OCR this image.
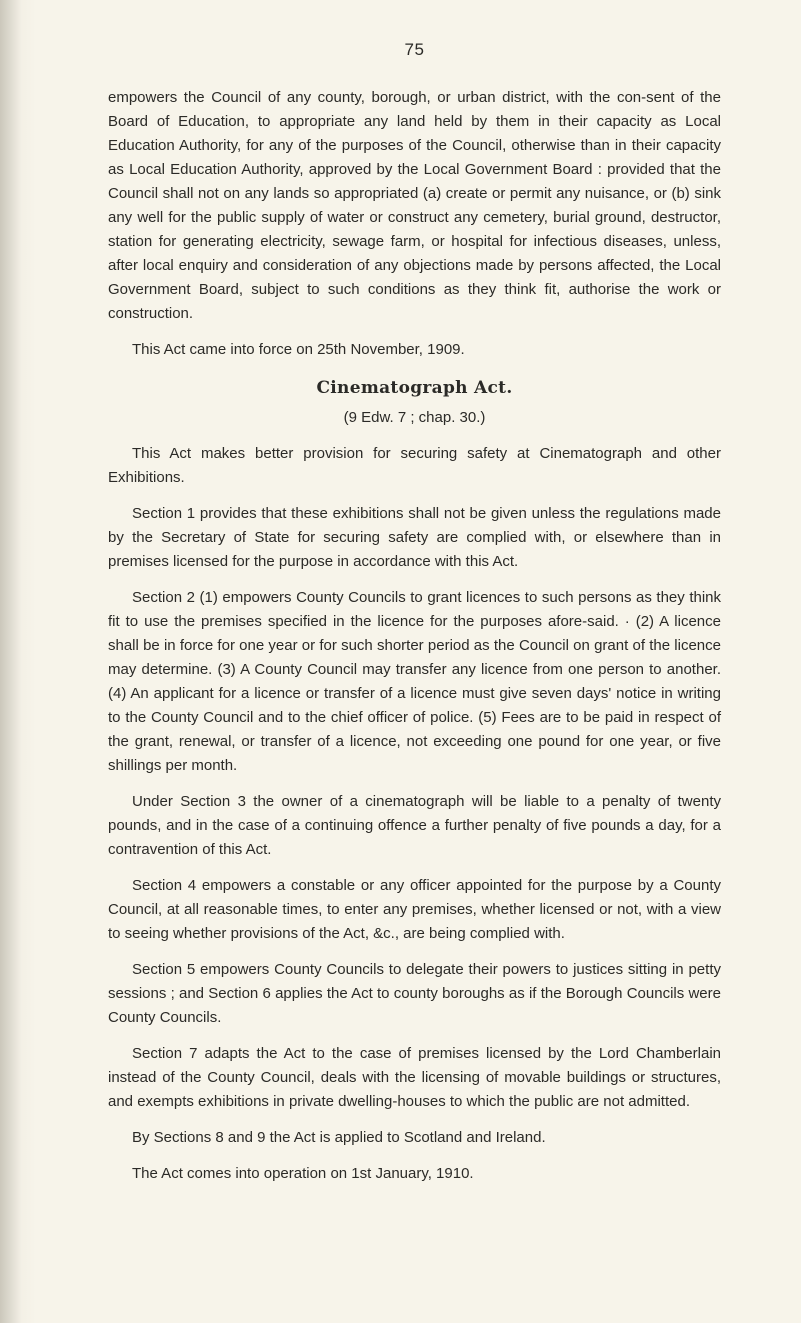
75

empowers the Council of any county, borough, or urban district, with the con-sent of the Board of Education, to appropriate any land held by them in their capacity as Local Education Authority, for any of the purposes of the Council, otherwise than in their capacity as Local Education Authority, approved by the Local Government Board : provided that the Council shall not on any lands so appropriated (a) create or permit any nuisance, or (b) sink any well for the public supply of water or construct any cemetery, burial ground, destructor, station for generating electricity, sewage farm, or hospital for infectious diseases, unless, after local enquiry and consideration of any objections made by persons affected, the Local Government Board, subject to such conditions as they think fit, authorise the work or construction.

This Act came into force on 25th November, 1909.

Cinematograph Act.
(9 Edw. 7 ; chap. 30.)

This Act makes better provision for securing safety at Cinematograph and other Exhibitions.

Section 1 provides that these exhibitions shall not be given unless the regulations made by the Secretary of State for securing safety are complied with, or elsewhere than in premises licensed for the purpose in accordance with this Act.

Section 2 (1) empowers County Councils to grant licences to such persons as they think fit to use the premises specified in the licence for the purposes afore-said. · (2) A licence shall be in force for one year or for such shorter period as the Council on grant of the licence may determine. (3) A County Council may transfer any licence from one person to another. (4) An applicant for a licence or transfer of a licence must give seven days' notice in writing to the County Council and to the chief officer of police. (5) Fees are to be paid in respect of the grant, renewal, or transfer of a licence, not exceeding one pound for one year, or five shillings per month.

Under Section 3 the owner of a cinematograph will be liable to a penalty of twenty pounds, and in the case of a continuing offence a further penalty of five pounds a day, for a contravention of this Act.

Section 4 empowers a constable or any officer appointed for the purpose by a County Council, at all reasonable times, to enter any premises, whether licensed or not, with a view to seeing whether provisions of the Act, &c., are being complied with.

Section 5 empowers County Councils to delegate their powers to justices sitting in petty sessions ; and Section 6 applies the Act to county boroughs as if the Borough Councils were County Councils.

Section 7 adapts the Act to the case of premises licensed by the Lord Chamberlain instead of the County Council, deals with the licensing of movable buildings or structures, and exempts exhibitions in private dwelling-houses to which the public are not admitted.

By Sections 8 and 9 the Act is applied to Scotland and Ireland.

The Act comes into operation on 1st January, 1910.
